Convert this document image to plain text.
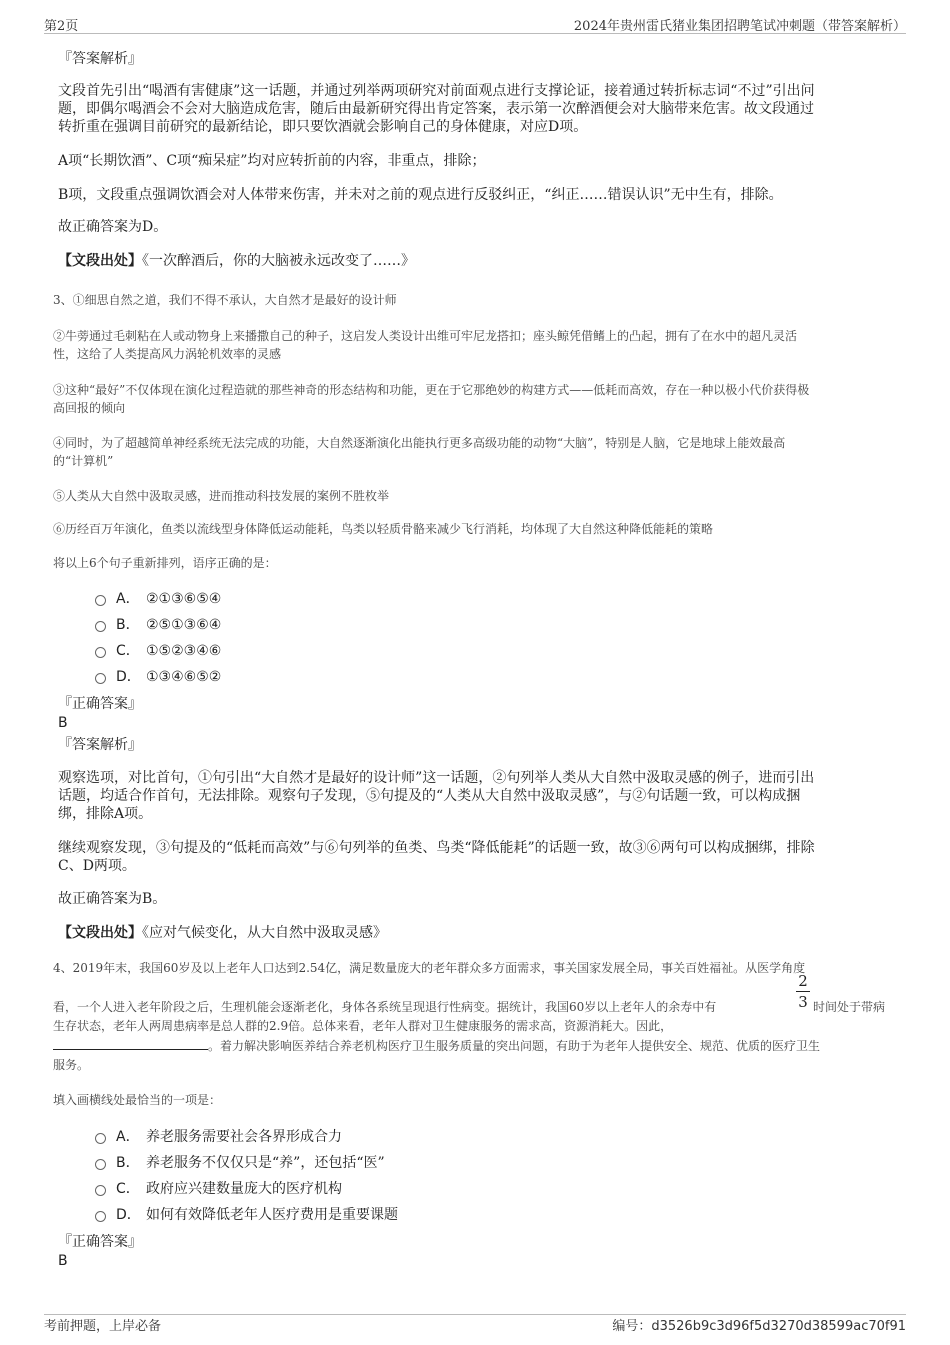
第2页	2024年贵州雷氏猪业集团招聘笔试冲刺题（带答案解析）
『答案解析』
文段首先引出“喝酒有害健康”这一话题，并通过列举两项研究对前面观点进行支撑论证，接着通过转折标志词“不过”引出问
题，即偶尔喝酒会不会对大脑造成危害，随后由最新研究得出肯定答案，表示第一次醉酒便会对大脑带来危害。故文段通过
转折重在强调目前研究的最新结论，即只要饮酒就会影响自己的身体健康，对应D项。
A项“长期饮酒”、C项“痴呆症”均对应转折前的内容，非重点，排除；
B项，文段重点强调饮酒会对人体带来伤害，并未对之前的观点进行反驳纠正，“纠正……错误认识”无中生有，排除。
故正确答案为D。
【文段出处】《一次醉酒后，你的大脑被永远改变了……》
3、①细思自然之道，我们不得不承认，大自然才是最好的设计师
②牛蒡通过毛刺粘在人或动物身上来播撒自己的种子，这启发人类设计出维可牢尼龙搭扣；座头鲸凭借鳍上的凸起，拥有了在水中的超凡灵活
性，这给了人类提高风力涡轮机效率的灵感
③这种“最好”不仅体现在演化过程造就的那些神奇的形态结构和功能，更在于它那绝妙的构建方式——低耗而高效，存在一种以极小代价获得极
高回报的倾向
④同时，为了超越简单神经系统无法完成的功能，大自然逐渐演化出能执行更多高级功能的动物“大脑”，特别是人脑，它是地球上能效最高
的“计算机”
⑤人类从大自然中汲取灵感，进而推动科技发展的案例不胜枚举
⑥历经百万年演化，鱼类以流线型身体降低运动能耗，鸟类以轻质骨骼来减少飞行消耗，均体现了大自然这种降低能耗的策略
将以上6个句子重新排列，语序正确的是：
A． ②①③⑥⑤④
B． ②⑤①③⑥④
C． ①⑤②③④⑥
D． ①③④⑥⑤②
『正确答案』
B
『答案解析』
观察选项，对比首句，①句引出“大自然才是最好的设计师”这一话题，②句列举人类从大自然中汲取灵感的例子，进而引出
话题，均适合作首句，无法排除。观察句子发现，⑤句提及的“人类从大自然中汲取灵感”，与②句话题一致，可以构成捆
绑，排除A项。
继续观察发现，③句提及的“低耗而高效”与⑥句列举的鱼类、鸟类“降低能耗”的话题一致，故③⑥两句可以构成捆绑，排除
C、D两项。
故正确答案为B。
【文段出处】《应对气候变化，从大自然中汲取灵感》
4、2019年末，我国60岁及以上老年人口达到2.54亿，满足数量庞大的老年群众多方面需求，事关国家发展全局，事关百姓福祉。从医学角度
2
3
看，一个人进入老年阶段之后，生理机能会逐渐老化，身体各系统呈现退行性病变。据统计，我国60岁以上老年人的余寿中有	时间处于带病
生存状态，老年人两周患病率是总人群的2.9倍。总体来看，老年人群对卫生健康服务的需求高，资源消耗大。因此，
。着力解决影响医养结合养老机构医疗卫生服务质量的突出问题，有助于为老年人提供安全、规范、优质的医疗卫生
服务。
填入画横线处最恰当的一项是：
A． 养老服务需要社会各界形成合力
B． 养老服务不仅仅只是“养”，还包括“医”
C． 政府应兴建数量庞大的医疗机构
D． 如何有效降低老年人医疗费用是重要课题
『正确答案』
B
考前押题，上岸必备	编号：d3526b9c3d96f5d3270d38599ac70f91
